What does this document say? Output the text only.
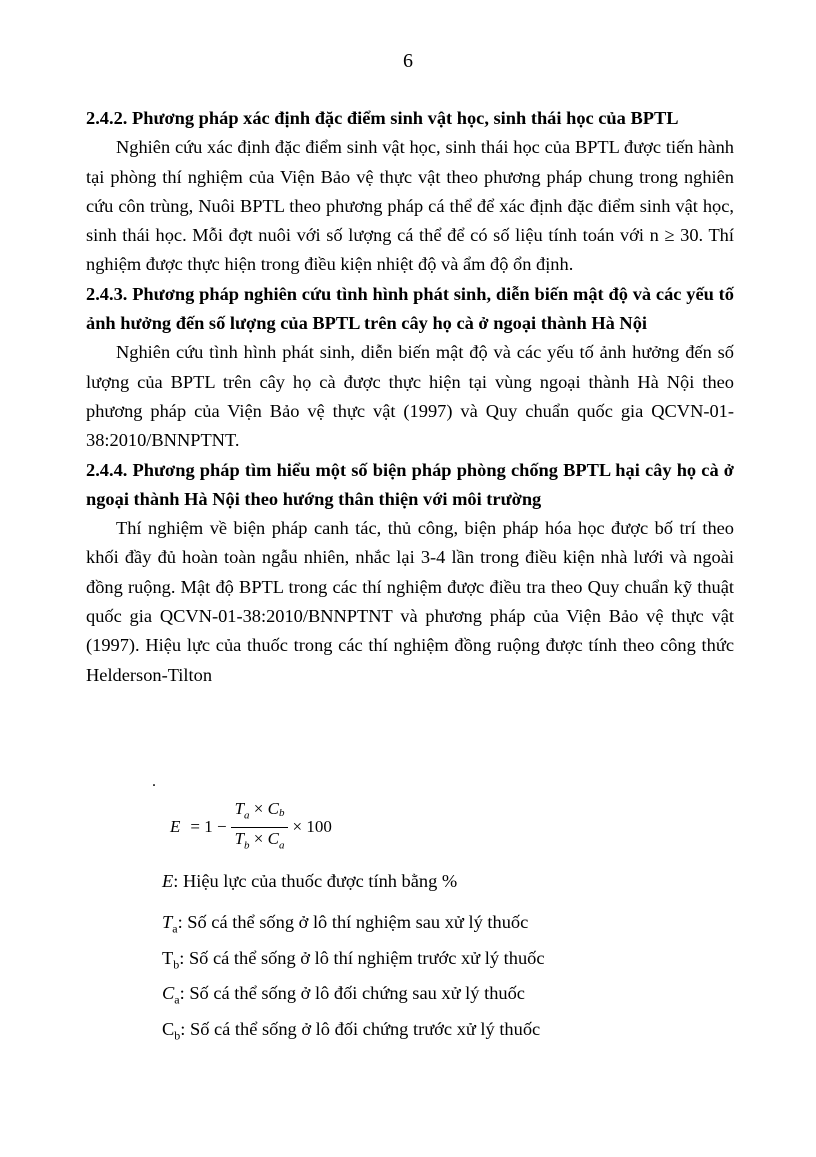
6

2.4.2. Phương pháp xác định đặc điểm sinh vật học, sinh thái học của BPTL

Nghiên cứu xác định đặc điểm sinh vật học, sinh thái học của BPTL được tiến hành tại phòng thí nghiệm của Viện Bảo vệ thực vật theo phương pháp chung trong nghiên cứu côn trùng, Nuôi BPTL theo phương pháp cá thể để xác định đặc điểm sinh vật học, sinh thái học. Mỗi đợt nuôi với số lượng cá thể để có số liệu tính toán với n ≥ 30. Thí nghiệm được thực hiện trong điều kiện nhiệt độ và ẩm độ ổn định.

2.4.3. Phương pháp nghiên cứu tình hình phát sinh, diễn biến mật độ và các yếu tố ảnh hưởng đến số lượng của BPTL trên cây họ cà ở ngoại thành Hà Nội

Nghiên cứu tình hình phát sinh, diễn biến mật độ và các yếu tố ảnh hưởng đến số lượng của BPTL trên cây họ cà được thực hiện tại vùng ngoại thành Hà Nội theo phương pháp của Viện Bảo vệ thực vật (1997) và Quy chuẩn quốc gia QCVN-01-38:2010/BNNPTNT.

2.4.4. Phương pháp tìm hiểu một số biện pháp phòng chống BPTL hại cây họ cà ở ngoại thành Hà Nội theo hướng thân thiện với môi trường

Thí nghiệm về biện pháp canh tác, thủ công, biện pháp hóa học được bố trí theo khối đầy đủ hoàn toàn ngẫu nhiên, nhắc lại 3-4 lần trong điều kiện nhà lưới và ngoài đồng ruộng. Mật độ BPTL trong các thí nghiệm được điều tra theo Quy chuẩn kỹ thuật quốc gia QCVN-01-38:2010/BNNPTNT và phương pháp của Viện Bảo vệ thực vật (1997). Hiệu lực của thuốc trong các thí nghiệm đồng ruộng được tính theo công thức Helderson-Tilton

.
$E = 1 - \frac{T_a \times C^b}{T_b \times C_a} \times 100$

E: Hiệu lực của thuốc được tính bằng %

$T_a$: Số cá thể sống ở lô thí nghiệm sau xử lý thuốc

$T_b$: Số cá thể sống ở lô thí nghiệm trước xử lý thuốc

$C_a$: Số cá thể sống ở lô đối chứng sau xử lý thuốc

$C_b$: Số cá thể sống ở lô đối chứng trước xử lý thuốc
